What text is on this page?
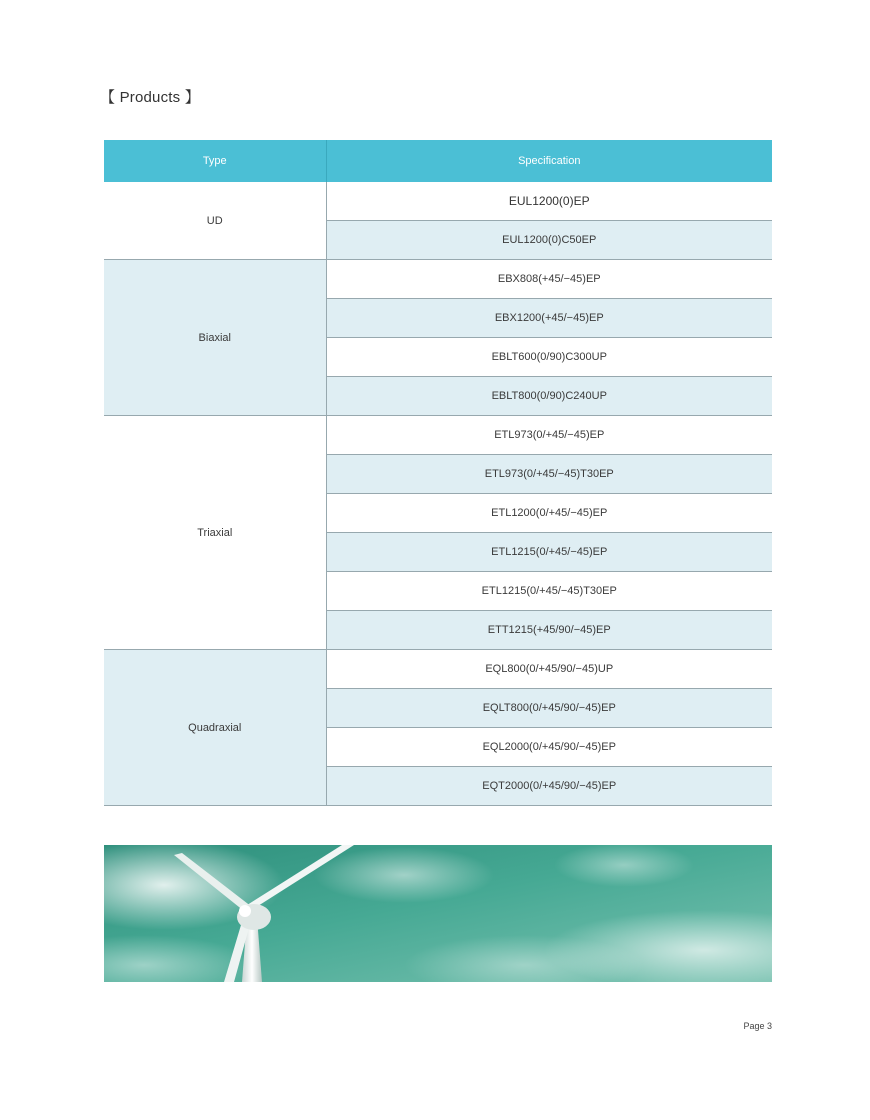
【 Products 】
Type	Specification
UD	EUL1200(0)EP
	EUL1200(0)C50EP
Biaxial	EBX808(+45/−45)EP
	EBX1200(+45/−45)EP
	EBLT600(0/90)C300UP
	EBLT800(0/90)C240UP
Triaxial	ETL973(0/+45/−45)EP
	ETL973(0/+45/−45)T30EP
	ETL1200(0/+45/−45)EP
	ETL1215(0/+45/−45)EP
	ETL1215(0/+45/−45)T30EP
	ETT1215(+45/90/−45)EP
Quadraxial	EQL800(0/+45/90/−45)UP
	EQLT800(0/+45/90/−45)EP
	EQL2000(0/+45/90/−45)EP
	EQT2000(0/+45/90/−45)EP
Page 3
